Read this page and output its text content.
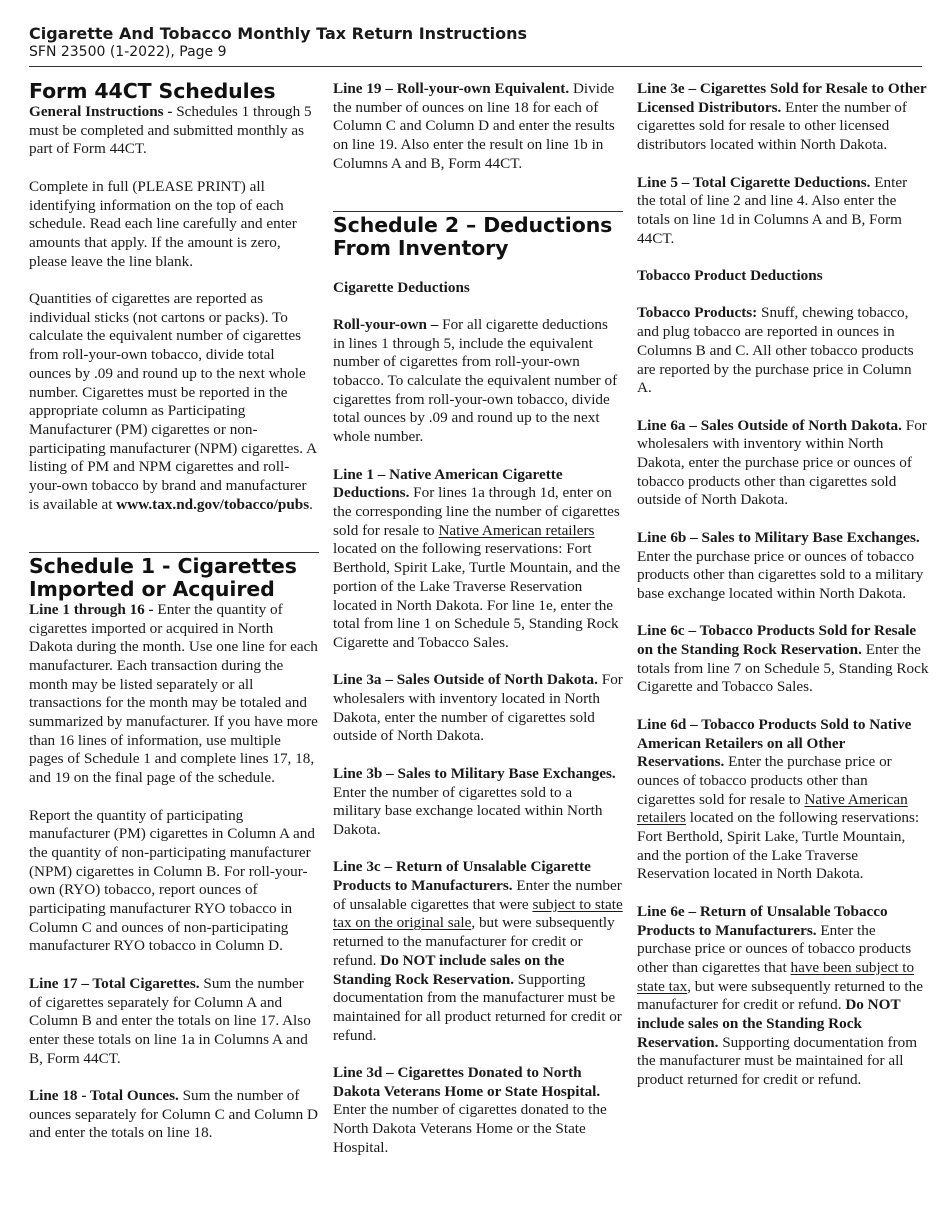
Cigarette And Tobacco Monthly Tax Return Instructions
SFN 23500 (1-2022), Page 9
Form 44CT Schedules

General Instructions - Schedules 1 through 5 must be completed and submitted monthly as part of Form 44CT.

Complete in full (PLEASE PRINT) all identifying information on the top of each schedule. Read each line carefully and enter amounts that apply. If the amount is zero, please leave the line blank.

Quantities of cigarettes are reported as individual sticks (not cartons or packs). To calculate the equivalent number of cigarettes from roll-your-own tobacco, divide total ounces by .09 and round up to the next whole number. Cigarettes must be reported in the appropriate column as Participating Manufacturer (PM) cigarettes or non-participating manufacturer (NPM) cigarettes. A listing of PM and NPM cigarettes and roll-your-own tobacco by brand and manufacturer is available at www.tax.nd.gov/tobacco/pubs.

Schedule 1 - Cigarettes Imported or Acquired

Line 1 through 16 - Enter the quantity of cigarettes imported or acquired in North Dakota during the month. Use one line for each manufacturer. Each transaction during the month may be listed separately or all transactions for the month may be totaled and summarized by manufacturer. If you have more than 16 lines of information, use multiple pages of Schedule 1 and complete lines 17, 18, and 19 on the final page of the schedule.

Report the quantity of participating manufacturer (PM) cigarettes in Column A and the quantity of non-participating manufacturer (NPM) cigarettes in Column B. For roll-your-own (RYO) tobacco, report ounces of participating manufacturer RYO tobacco in Column C and ounces of non-participating manufacturer RYO tobacco in Column D.

Line 17 – Total Cigarettes. Sum the number of cigarettes separately for Column A and Column B and enter the totals on line 17. Also enter these totals on line 1a in Columns A and B, Form 44CT.

Line 18 - Total Ounces. Sum the number of ounces separately for Column C and Column D and enter the totals on line 18.

Line 19 – Roll-your-own Equivalent. Divide the number of ounces on line 18 for each of Column C and Column D and enter the results on line 19. Also enter the result on line 1b in Columns A and B, Form 44CT.

Schedule 2 – Deductions From Inventory

Cigarette Deductions

Roll-your-own – For all cigarette deductions in lines 1 through 5, include the equivalent number of cigarettes from roll-your-own tobacco. To calculate the equivalent number of cigarettes from roll-your-own tobacco, divide total ounces by .09 and round up to the next whole number.

Line 1 – Native American Cigarette Deductions. For lines 1a through 1d, enter on the corresponding line the number of cigarettes sold for resale to Native American retailers located on the following reservations: Fort Berthold, Spirit Lake, Turtle Mountain, and the portion of the Lake Traverse Reservation located in North Dakota. For line 1e, enter the total from line 1 on Schedule 5, Standing Rock Cigarette and Tobacco Sales.

Line 3a – Sales Outside of North Dakota. For wholesalers with inventory located in North Dakota, enter the number of cigarettes sold outside of North Dakota.

Line 3b – Sales to Military Base Exchanges. Enter the number of cigarettes sold to a military base exchange located within North Dakota.

Line 3c – Return of Unsalable Cigarette Products to Manufacturers. Enter the number of unsalable cigarettes that were subject to state tax on the original sale, but were subsequently returned to the manufacturer for credit or refund. Do NOT include sales on the Standing Rock Reservation. Supporting documentation from the manufacturer must be maintained for all product returned for credit or refund.

Line 3d – Cigarettes Donated to North Dakota Veterans Home or State Hospital. Enter the number of cigarettes donated to the North Dakota Veterans Home or the State Hospital.

Line 3e – Cigarettes Sold for Resale to Other Licensed Distributors. Enter the number of cigarettes sold for resale to other licensed distributors located within North Dakota.

Line 5 – Total Cigarette Deductions. Enter the total of line 2 and line 4. Also enter the totals on line 1d in Columns A and B, Form 44CT.

Tobacco Product Deductions

Tobacco Products: Snuff, chewing tobacco, and plug tobacco are reported in ounces in Columns B and C. All other tobacco products are reported by the purchase price in Column A.

Line 6a – Sales Outside of North Dakota. For wholesalers with inventory within North Dakota, enter the purchase price or ounces of tobacco products other than cigarettes sold outside of North Dakota.

Line 6b – Sales to Military Base Exchanges. Enter the purchase price or ounces of tobacco products other than cigarettes sold to a military base exchange located within North Dakota.

Line 6c – Tobacco Products Sold for Resale on the Standing Rock Reservation. Enter the totals from line 7 on Schedule 5, Standing Rock Cigarette and Tobacco Sales.

Line 6d – Tobacco Products Sold to Native American Retailers on all Other Reservations. Enter the purchase price or ounces of tobacco products other than cigarettes sold for resale to Native American retailers located on the following reservations: Fort Berthold, Spirit Lake, Turtle Mountain, and the portion of the Lake Traverse Reservation located in North Dakota.

Line 6e – Return of Unsalable Tobacco Products to Manufacturers. Enter the purchase price or ounces of tobacco products other than cigarettes that have been subject to state tax, but were subsequently returned to the manufacturer for credit or refund. Do NOT include sales on the Standing Rock Reservation. Supporting documentation from the manufacturer must be maintained for all product returned for credit or refund.
